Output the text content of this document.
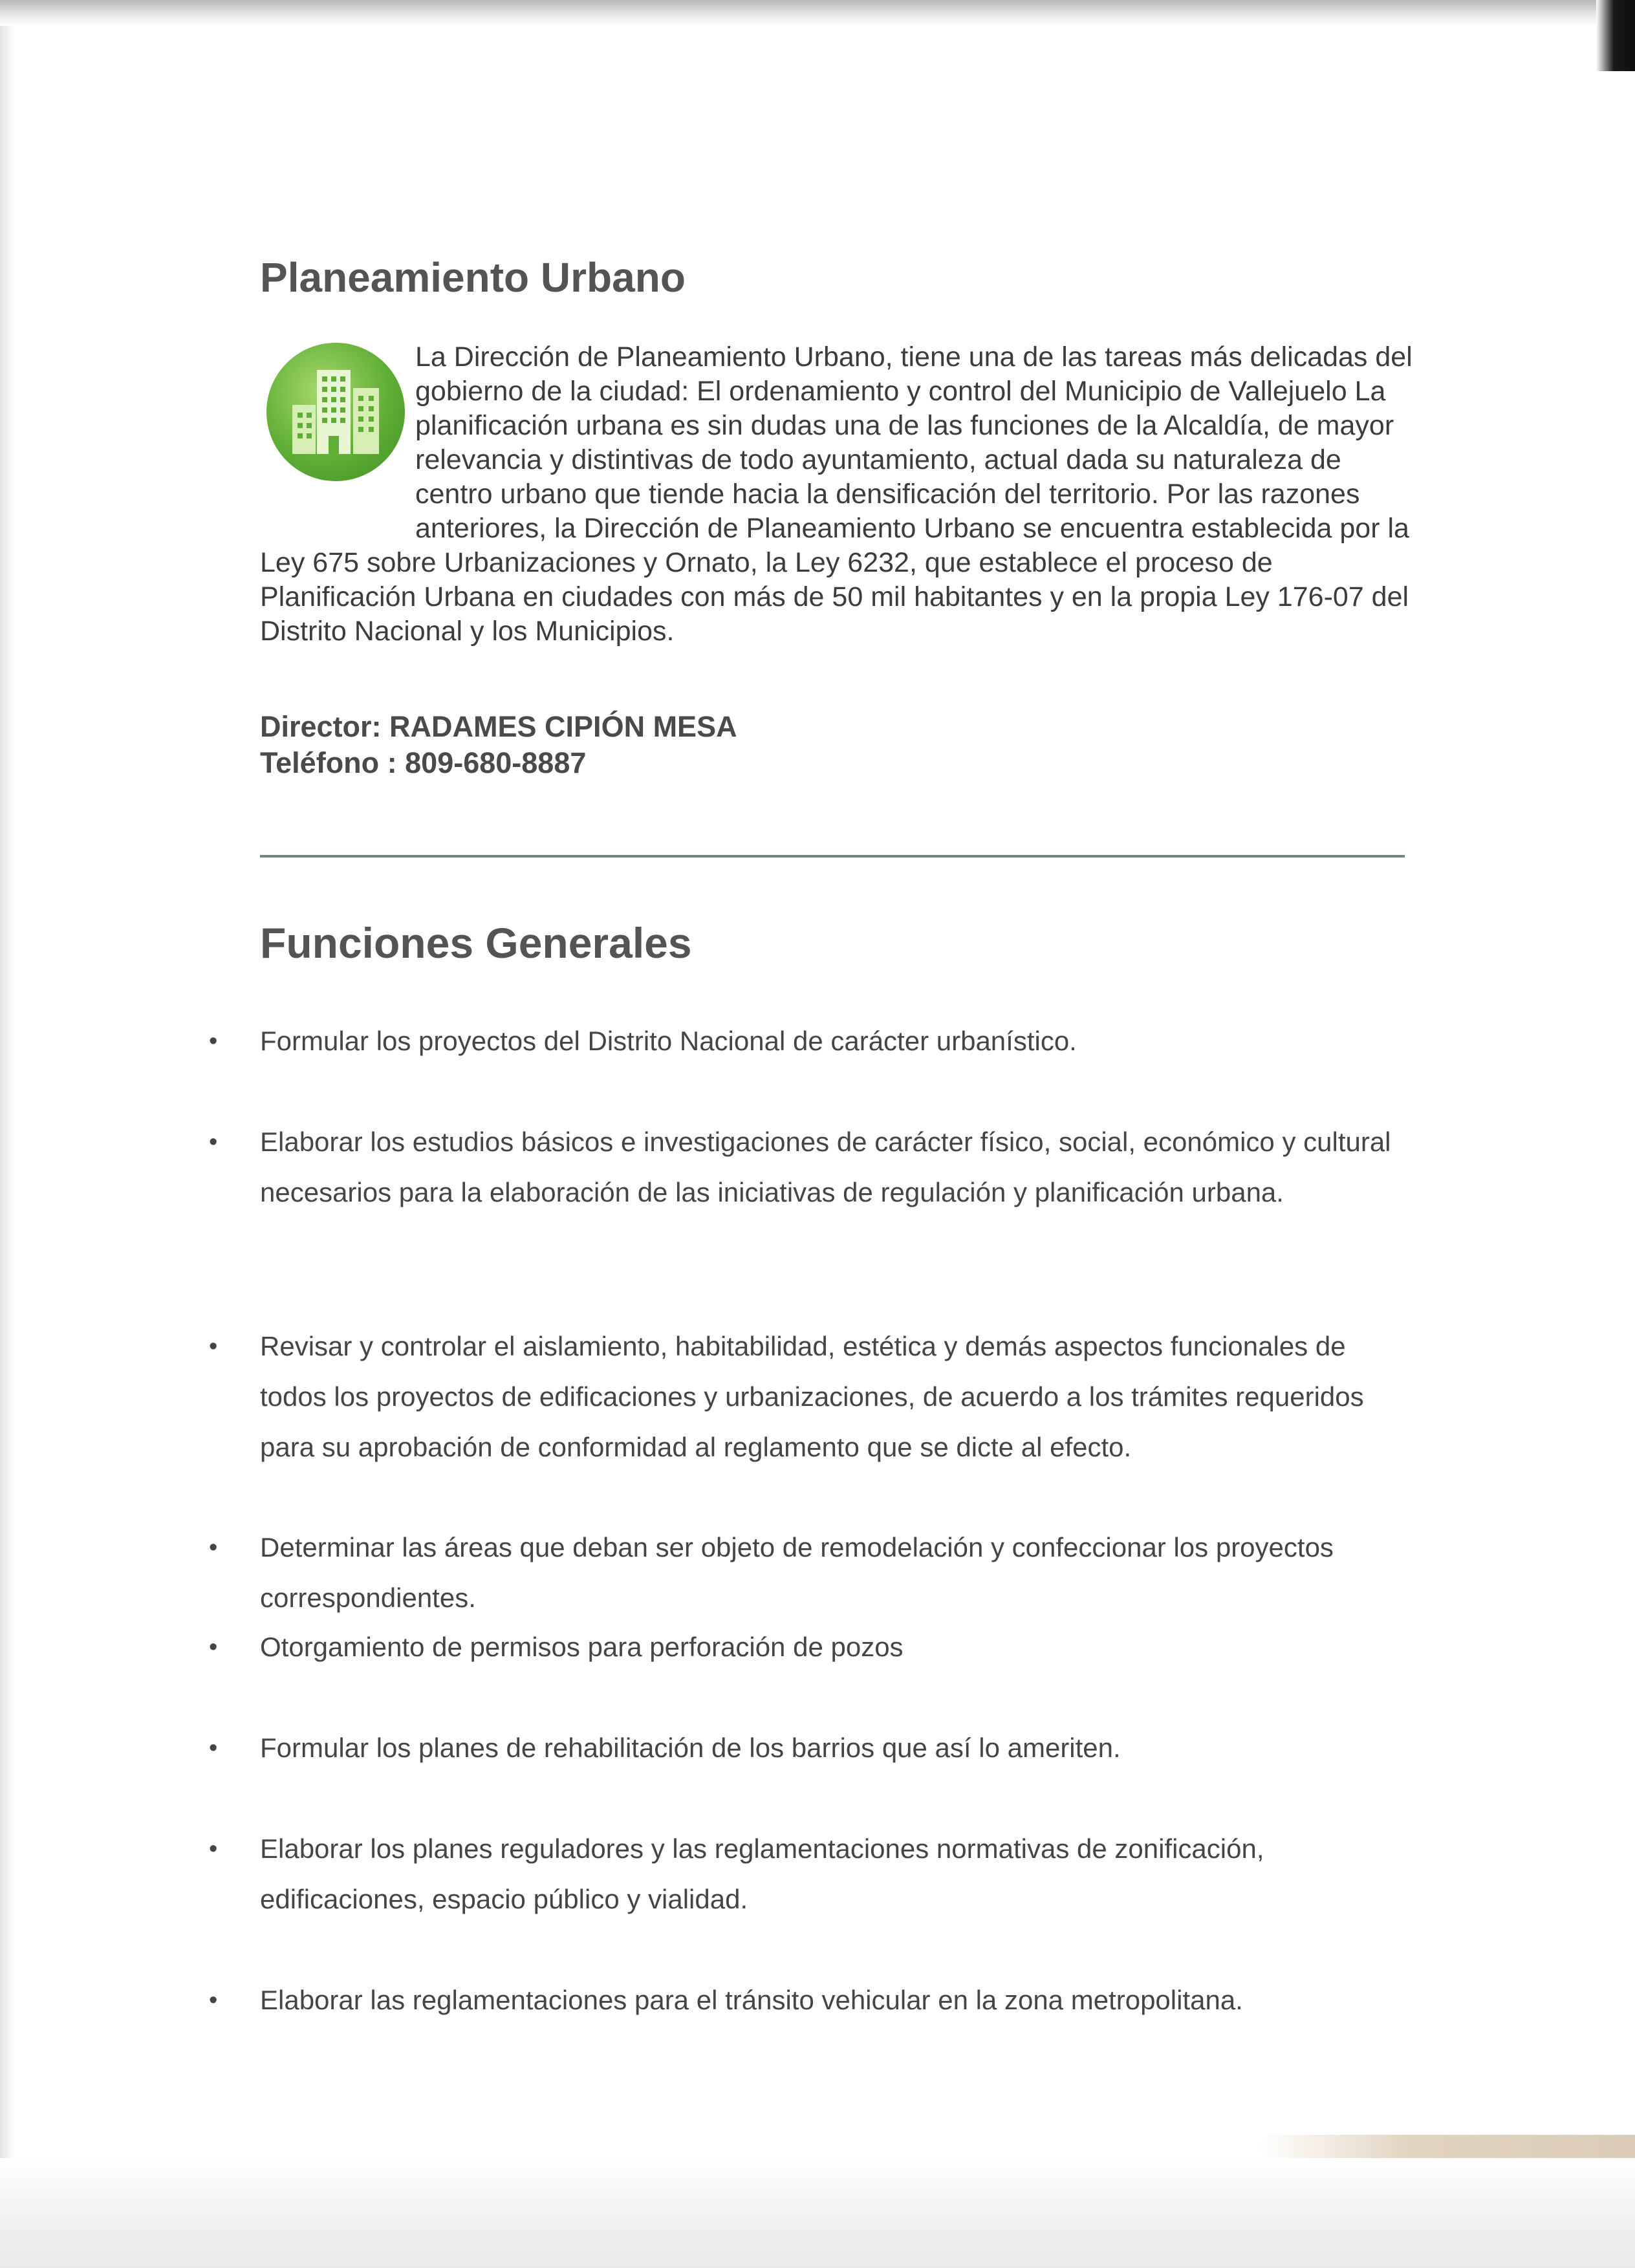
Planeamiento Urbano

La Dirección de Planeamiento Urbano, tiene una de las tareas más delicadas del gobierno de la ciudad: El ordenamiento y control del Municipio de Vallejuelo La planificación urbana es sin dudas una de las funciones de la Alcaldía, de mayor relevancia y distintivas de todo ayuntamiento, actual dada su naturaleza de centro urbano que tiende hacia la densificación del territorio. Por las razones anteriores, la Dirección de Planeamiento Urbano se encuentra establecida por la Ley 675 sobre Urbanizaciones y Ornato, la Ley 6232, que establece el proceso de Planificación Urbana en ciudades con más de 50 mil habitantes y en la propia Ley 176-07 del Distrito Nacional y los Municipios.

Director: RADAMES CIPIÓN MESA
Teléfono : 809-680-8887
Funciones Generales

• Formular los proyectos del Distrito Nacional de carácter urbanístico.

• Elaborar los estudios básicos e investigaciones de carácter físico, social, económico y cultural necesarios para la elaboración de las iniciativas de regulación y planificación urbana.

• Revisar y controlar el aislamiento, habitabilidad, estética y demás aspectos funcionales de todos los proyectos de edificaciones y urbanizaciones, de acuerdo a los trámites requeridos para su aprobación de conformidad al reglamento que se dicte al efecto.

• Determinar las áreas que deban ser objeto de remodelación y confeccionar los proyectos correspondientes.

• Otorgamiento de permisos para perforación de pozos

• Formular los planes de rehabilitación de los barrios que así lo ameriten.

• Elaborar los planes reguladores y las reglamentaciones normativas de zonificación, edificaciones, espacio público y vialidad.

• Elaborar las reglamentaciones para el tránsito vehicular en la zona metropolitana.
